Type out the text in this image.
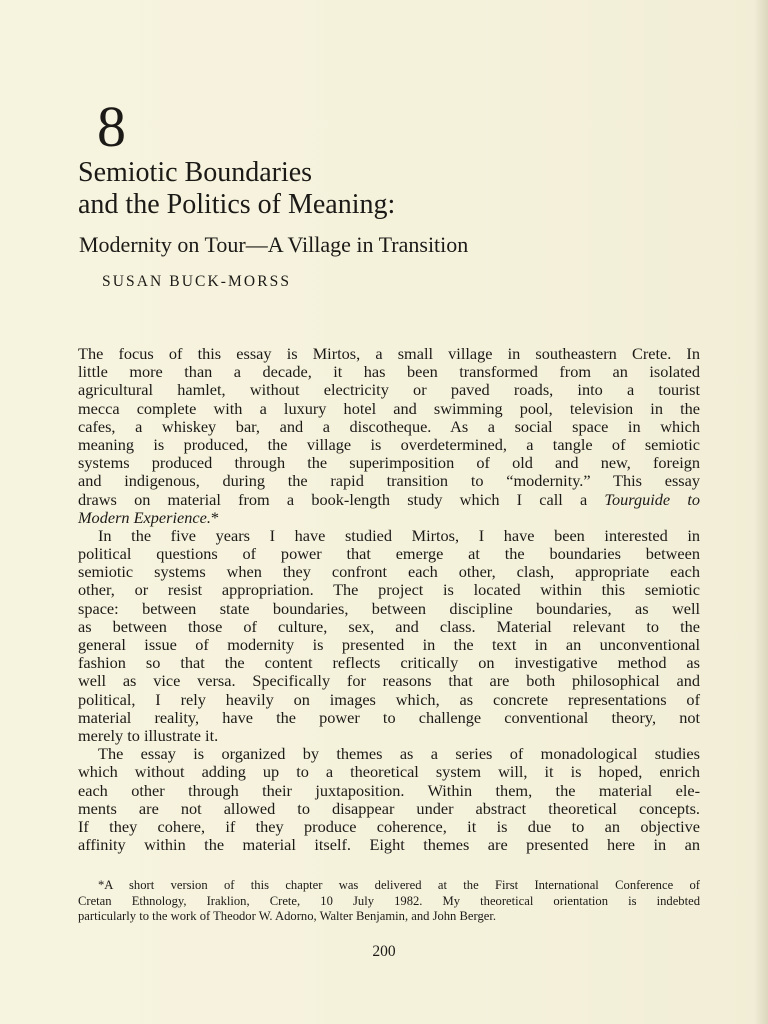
8
Semiotic Boundaries
and the Politics of Meaning:
Modernity on Tour—A Village in Transition
SUSAN BUCK-MORSS
The focus of this essay is Mirtos, a small village in southeastern Crete. In
little more than a decade, it has been transformed from an isolated
agricultural hamlet, without electricity or paved roads, into a tourist
mecca complete with a luxury hotel and swimming pool, television in the
cafes, a whiskey bar, and a discotheque. As a social space in which
meaning is produced, the village is overdetermined, a tangle of semiotic
systems produced through the superimposition of old and new, foreign
and indigenous, during the rapid transition to “modernity.” This essay
draws on material from a book-length study which I call a Tourguide to
Modern Experience.*
In the five years I have studied Mirtos, I have been interested in
political questions of power that emerge at the boundaries between
semiotic systems when they confront each other, clash, appropriate each
other, or resist appropriation. The project is located within this semiotic
space: between state boundaries, between discipline boundaries, as well
as between those of culture, sex, and class. Material relevant to the
general issue of modernity is presented in the text in an unconventional
fashion so that the content reflects critically on investigative method as
well as vice versa. Specifically for reasons that are both philosophical and
political, I rely heavily on images which, as concrete representations of
material reality, have the power to challenge conventional theory, not
merely to illustrate it.
The essay is organized by themes as a series of monadological studies
which without adding up to a theoretical system will, it is hoped, enrich
each other through their juxtaposition. Within them, the material ele-
ments are not allowed to disappear under abstract theoretical concepts.
If they cohere, if they produce coherence, it is due to an objective
affinity within the material itself. Eight themes are presented here in an
*A short version of this chapter was delivered at the First International Conference of
Cretan Ethnology, Iraklion, Crete, 10 July 1982. My theoretical orientation is indebted
particularly to the work of Theodor W. Adorno, Walter Benjamin, and John Berger.
200
